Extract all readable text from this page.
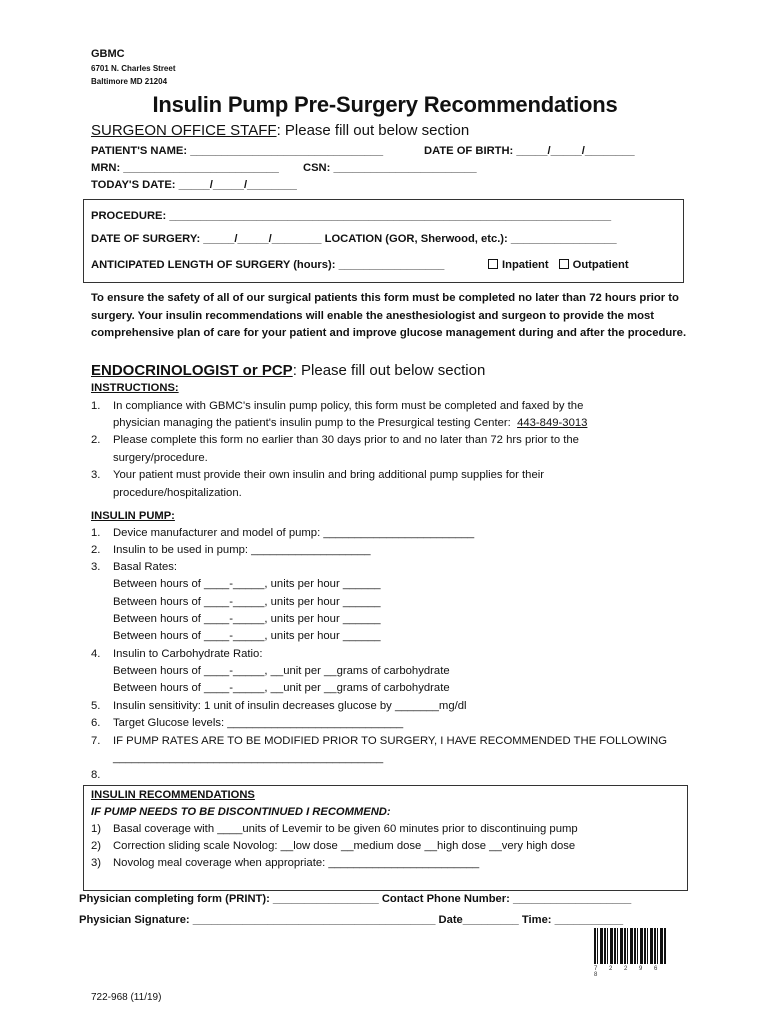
GBMC
6701 N. Charles Street
Baltimore MD 21204
Insulin Pump Pre-Surgery Recommendations
SURGEON OFFICE STAFF: Please fill out below section
PATIENT'S NAME: _______________________________	DATE OF BIRTH: _____/_____/________
MRN: _________________________ CSN: _______________________
TODAY'S DATE: _____/_____/________
PROCEDURE: _______________________________________________________________________
DATE OF SURGERY: _____/_____/________ LOCATION (GOR, Sherwood, etc.): _________________
ANTICIPATED LENGTH OF SURGERY (hours): _________________	Inpatient Outpatient
To ensure the safety of all of our surgical patients this form must be completed no later than 72 hours prior to surgery. Your insulin recommendations will enable the anesthesiologist and surgeon to provide the most comprehensive plan of care for your patient and improve glucose management during and after the procedure.
ENDOCRINOLOGIST or PCP: Please fill out below section
INSTRUCTIONS:
1. In compliance with GBMC's insulin pump policy, this form must be completed and faxed by the
physician managing the patient's insulin pump to the Presurgical testing Center: 443-849-3013
2. Please complete this form no earlier than 30 days prior to and no later than 72 hrs prior to the
surgery/procedure.
3. Your patient must provide their own insulin and bring additional pump supplies for their
procedure/hospitalization.
INSULIN PUMP:
1. Device manufacturer and model of pump: ________________________
2. Insulin to be used in pump: ___________________
3. Basal Rates:
Between hours of ____-_____, units per hour ______
Between hours of ____-_____, units per hour ______
Between hours of ____-_____, units per hour ______
Between hours of ____-_____, units per hour ______
4. Insulin to Carbohydrate Ratio:
Between hours of ____-_____, __unit per __grams of carbohydrate
Between hours of ____-_____, __unit per __grams of carbohydrate
5. Insulin sensitivity: 1 unit of insulin decreases glucose by _______mg/dl
6. Target Glucose levels: ____________________________
7. IF PUMP RATES ARE TO BE MODIFIED PRIOR TO SURGERY, I HAVE RECOMMENDED THE FOLLOWING
___________________________________________
8.
INSULIN RECOMMENDATIONS
IF PUMP NEEDS TO BE DISCONTINUED I RECOMMEND:
1) Basal coverage with ____units of Levemir to be given 60 minutes prior to discontinuing pump
2) Correction sliding scale Novolog: __low dose __medium dose __high dose __very high dose
3) Novolog meal coverage when appropriate: ________________________
Physician completing form (PRINT): _________________ Contact Phone Number: ___________________
Physician Signature: _______________________________________ Date_________ Time: ___________
7 2 2 9 6 8
722-968 (11/19)
